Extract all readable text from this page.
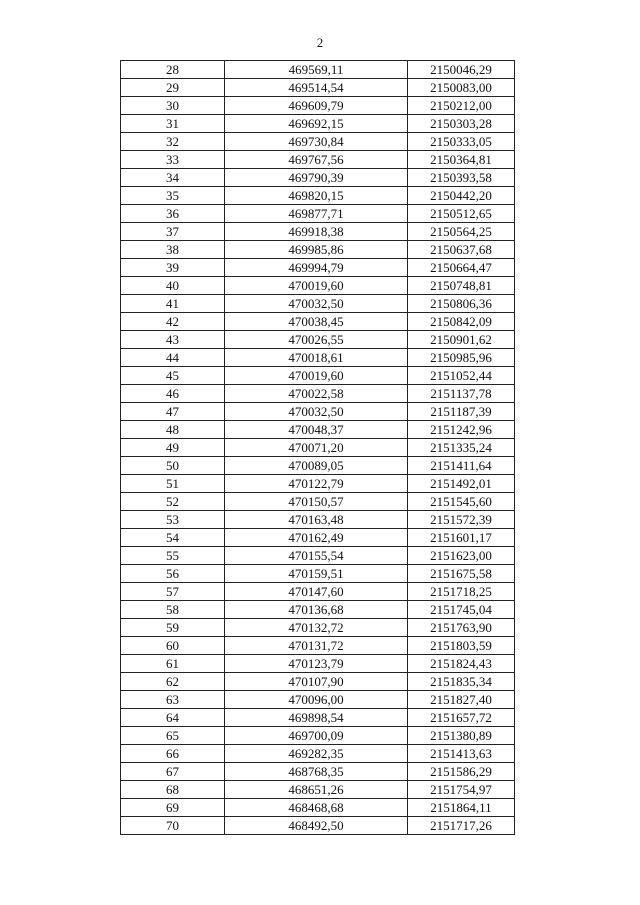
2
28	469569,11	2150046,29
29	469514,54	2150083,00
30	469609,79	2150212,00
31	469692,15	2150303,28
32	469730,84	2150333,05
33	469767,56	2150364,81
34	469790,39	2150393,58
35	469820,15	2150442,20
36	469877,71	2150512,65
37	469918,38	2150564,25
38	469985,86	2150637,68
39	469994,79	2150664,47
40	470019,60	2150748,81
41	470032,50	2150806,36
42	470038,45	2150842,09
43	470026,55	2150901,62
44	470018,61	2150985,96
45	470019,60	2151052,44
46	470022,58	2151137,78
47	470032,50	2151187,39
48	470048,37	2151242,96
49	470071,20	2151335,24
50	470089,05	2151411,64
51	470122,79	2151492,01
52	470150,57	2151545,60
53	470163,48	2151572,39
54	470162,49	2151601,17
55	470155,54	2151623,00
56	470159,51	2151675,58
57	470147,60	2151718,25
58	470136,68	2151745,04
59	470132,72	2151763,90
60	470131,72	2151803,59
61	470123,79	2151824,43
62	470107,90	2151835,34
63	470096,00	2151827,40
64	469898,54	2151657,72
65	469700,09	2151380,89
66	469282,35	2151413,63
67	468768,35	2151586,29
68	468651,26	2151754,97
69	468468,68	2151864,11
70	468492,50	2151717,26
